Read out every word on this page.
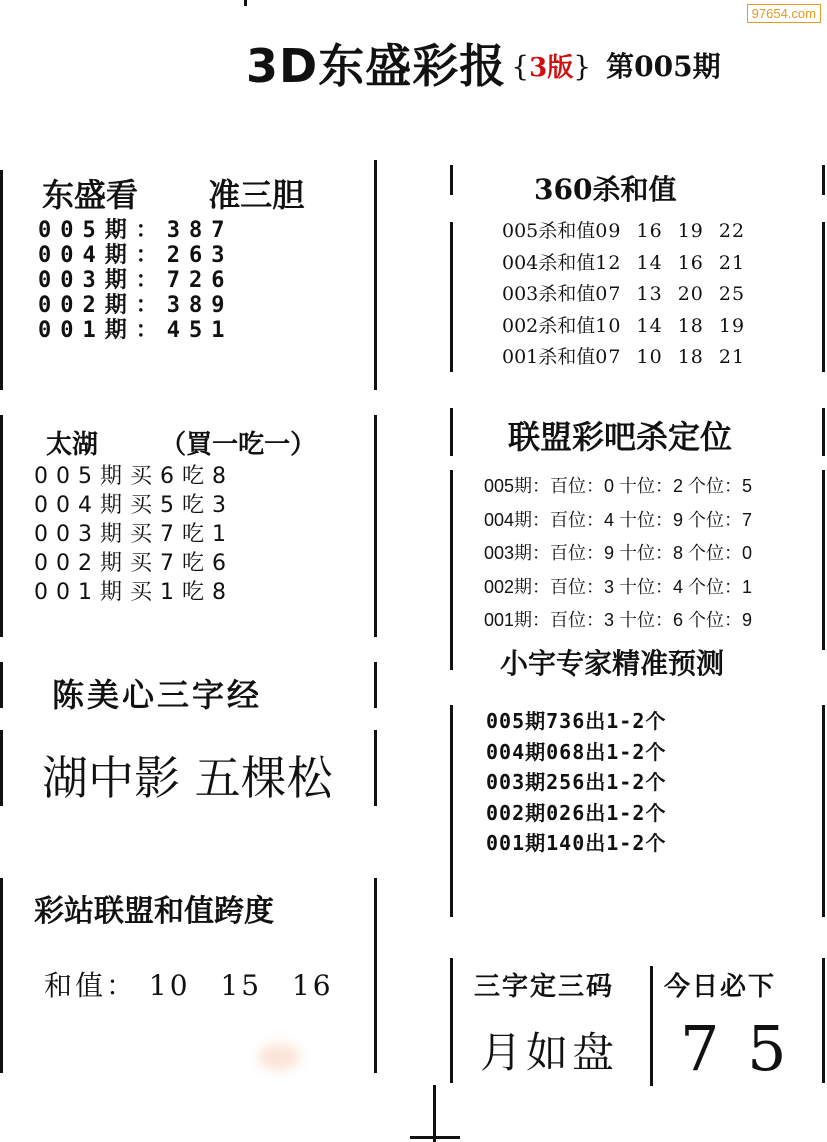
97654.com
3D东盛彩报 {3版} 第005期
东盛看 准三胆
005期：387
004期：263
003期：726
002期：389
001期：451
太湖 （買一吃一）
005期买6吃8
004期买5吃3
003期买7吃1
002期买7吃6
001期买1吃8
陈美心三字经
湖中影 五棵松
彩站联盟和值跨度
和值： 10 15 16
360杀和值
005杀和值09 16 19 22
004杀和值12 14 16 21
003杀和值07 13 20 25
002杀和值10 14 18 19
001杀和值07 10 18 21
联盟彩吧杀定位
005期：百位：0 十位：2 个位：5
004期：百位：4 十位：9 个位：7
003期：百位：9 十位：8 个位：0
002期：百位：3 十位：4 个位：1
001期：百位：3 十位：6 个位：9
小宇专家精准预测
005期736出1-2个
004期068出1-2个
003期256出1-2个
002期026出1-2个
001期140出1-2个
三字定三码
月如盘
今日必下
7 5
